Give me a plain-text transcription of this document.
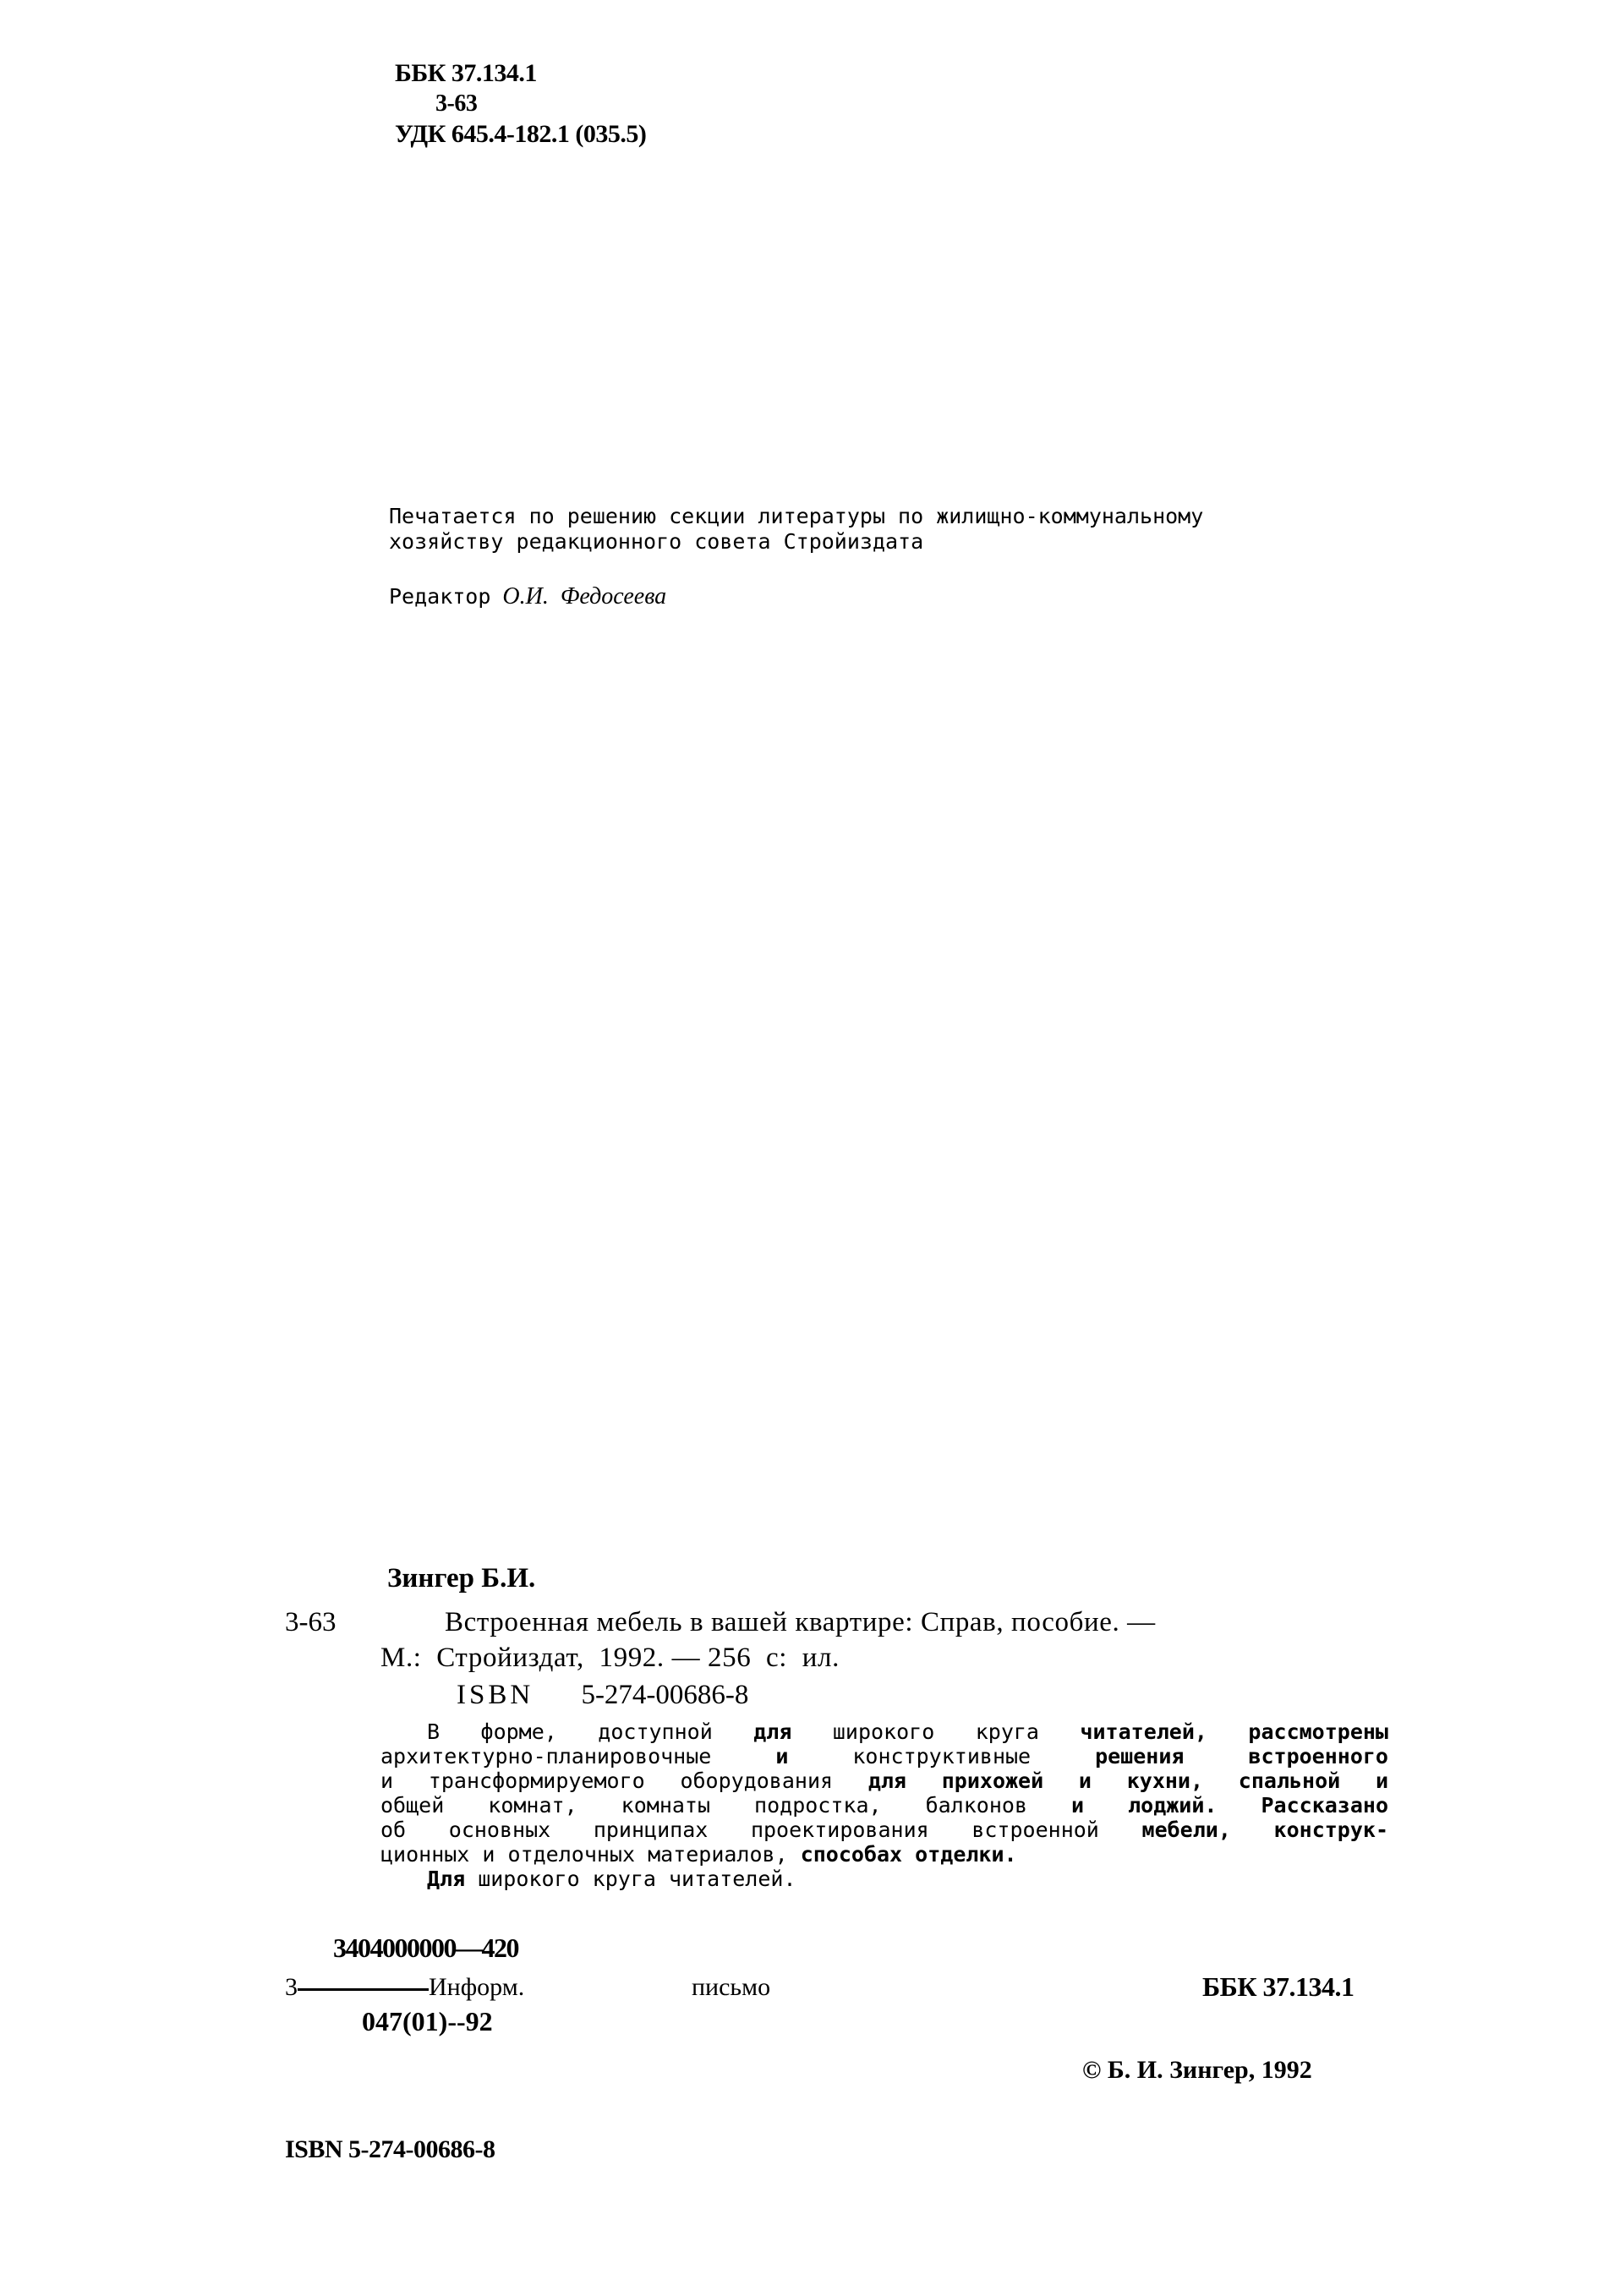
ББК 37.134.1
3-63
УДК 645.4-182.1 (035.5)
Печатается по решению секции литературы по жилищно-коммунальному
хозяйству редакционного совета Стройиздата
Редактор О.И.  Федосеева
Зингер Б.И.
3-63	Встроенная мебель в вашей квартире: Справ, пособие. —
М.:  Стройиздат,  1992. — 256  с:  ил.
ISBN 5-274-00686-8
В форме, доступной для широкого круга читателей, рассмотрены
архитектурно-планировочные и конструктивные решения встроенного
и трансформируемого оборудования для прихожей и кухни, спальной и
общей комнат, комнаты подростка, балконов и лоджий. Рассказано
об основных принципах проектирования встроенной мебели, конструк-
ционных и отделочных материалов, способах отделки.
Для широкого круга читателей.
3404000000—420
3	Информ.	письмо
047(01)--92
ББК 37.134.1
© Б. И. Зингер, 1992
ISBN 5-274-00686-8
